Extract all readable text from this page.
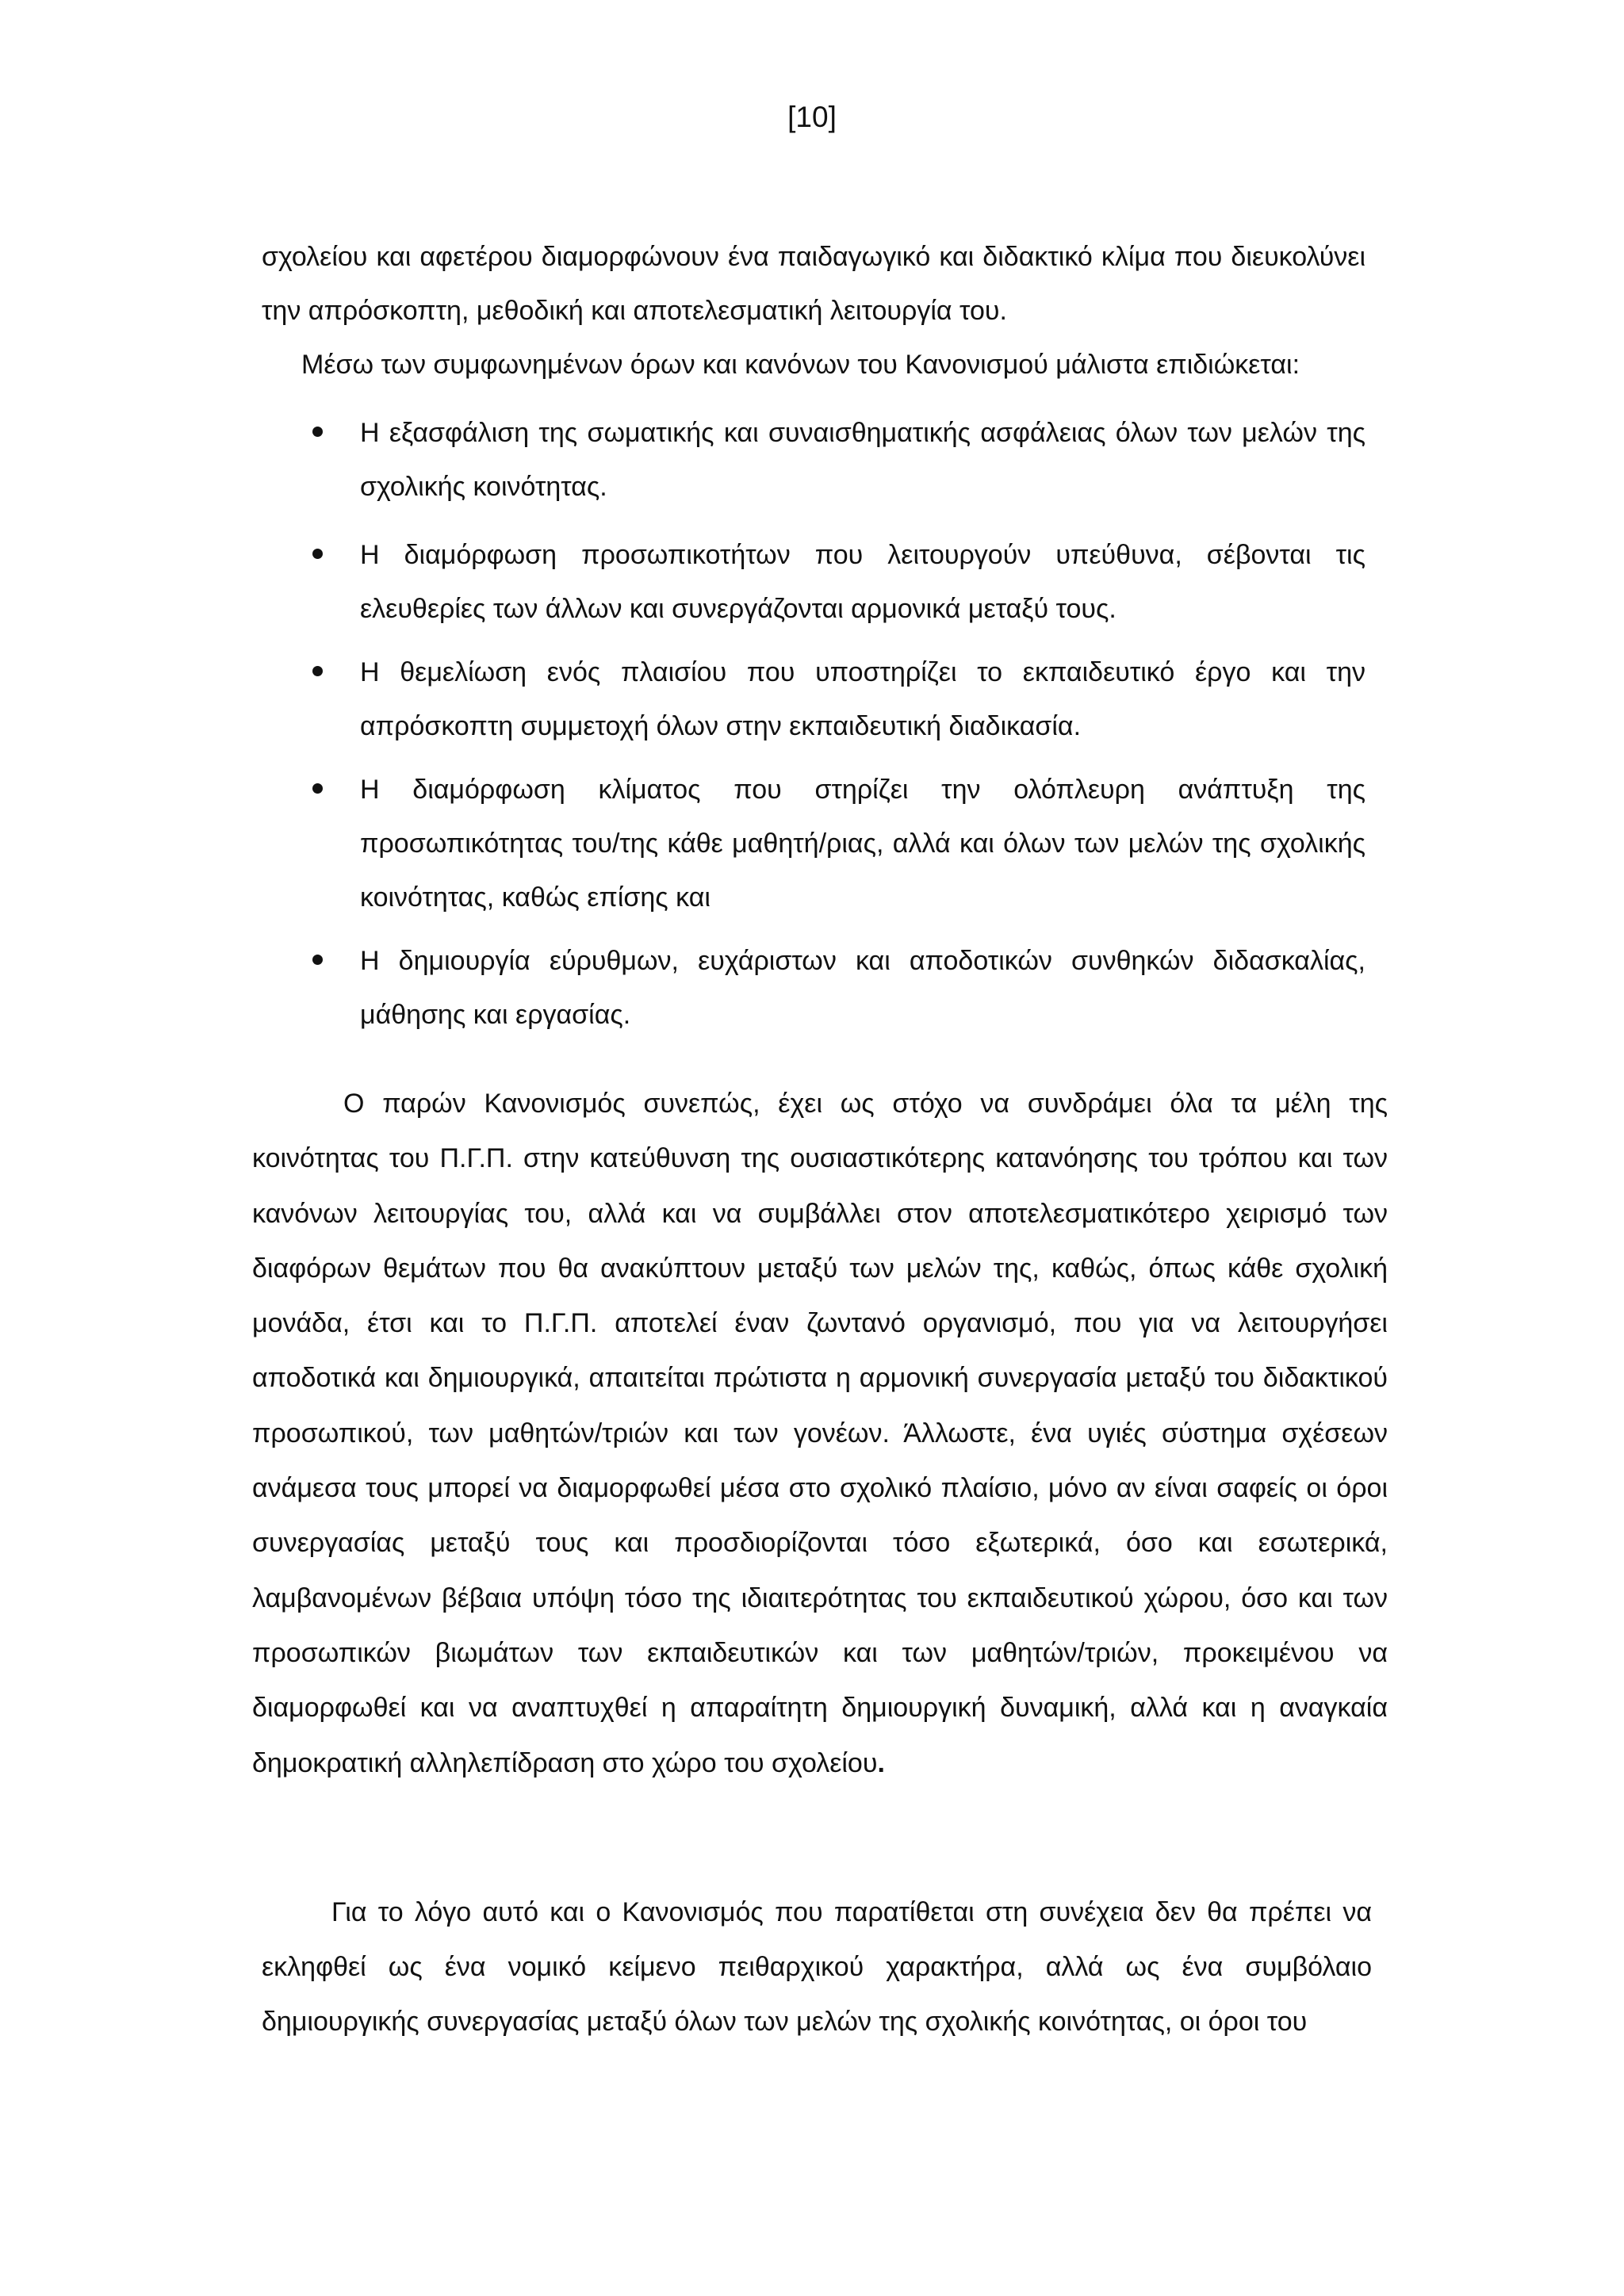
[10]

σχολείου και αφετέρου διαμορφώνουν ένα παιδαγωγικό και διδακτικό κλίμα που διευκολύνει την απρόσκοπτη, μεθοδική και αποτελεσματική λειτουργία του.

Μέσω των συμφωνημένων όρων και κανόνων του Κανονισμού μάλιστα επιδιώκεται:

Η εξασφάλιση της σωματικής και συναισθηματικής ασφάλειας όλων των μελών της σχολικής κοινότητας.
Η διαμόρφωση προσωπικοτήτων που λειτουργούν υπεύθυνα, σέβονται τις ελευθερίες των άλλων και συνεργάζονται αρμονικά μεταξύ τους.
Η θεμελίωση ενός πλαισίου που υποστηρίζει το εκπαιδευτικό έργο και την απρόσκοπτη συμμετοχή όλων στην εκπαιδευτική διαδικασία.
Η διαμόρφωση κλίματος που στηρίζει την ολόπλευρη ανάπτυξη της προσωπικότητας του/της κάθε μαθητή/ριας, αλλά και όλων των μελών της σχολικής κοινότητας, καθώς επίσης και
Η δημιουργία εύρυθμων, ευχάριστων και αποδοτικών συνθηκών διδασκαλίας, μάθησης και εργασίας.

Ο παρών Κανονισμός συνεπώς, έχει ως στόχο να συνδράμει όλα τα μέλη της κοινότητας του Π.Γ.Π. στην κατεύθυνση της ουσιαστικότερης κατανόησης του τρόπου και των κανόνων λειτουργίας του, αλλά και να συμβάλλει στον αποτελεσματικότερο χειρισμό των διαφόρων θεμάτων που θα ανακύπτουν μεταξύ των μελών της, καθώς, όπως κάθε σχολική μονάδα, έτσι και το Π.Γ.Π. αποτελεί έναν ζωντανό οργανισμό, που για να λειτουργήσει αποδοτικά και δημιουργικά, απαιτείται πρώτιστα η αρμονική συνεργασία μεταξύ του διδακτικού προσωπικού, των μαθητών/τριών και των γονέων. Άλλωστε, ένα υγιές σύστημα σχέσεων ανάμεσα τους μπορεί να διαμορφωθεί μέσα στο σχολικό πλαίσιο, μόνο αν είναι σαφείς οι όροι συνεργασίας μεταξύ τους και προσδιορίζονται τόσο εξωτερικά, όσο και εσωτερικά, λαμβανομένων βέβαια υπόψη τόσο της ιδιαιτερότητας του εκπαιδευτικού χώρου, όσο και των προσωπικών βιωμάτων των εκπαιδευτικών και των μαθητών/τριών, προκειμένου να διαμορφωθεί και να αναπτυχθεί η απαραίτητη δημιουργική δυναμική, αλλά και η αναγκαία δημοκρατική αλληλεπίδραση στο χώρο του σχολείου.

Για το λόγο αυτό και ο Κανονισμός που παρατίθεται στη συνέχεια δεν θα πρέπει να εκληφθεί ως ένα νομικό κείμενο πειθαρχικού χαρακτήρα, αλλά ως ένα συμβόλαιο δημιουργικής συνεργασίας μεταξύ όλων των μελών της σχολικής κοινότητας, οι όροι του
